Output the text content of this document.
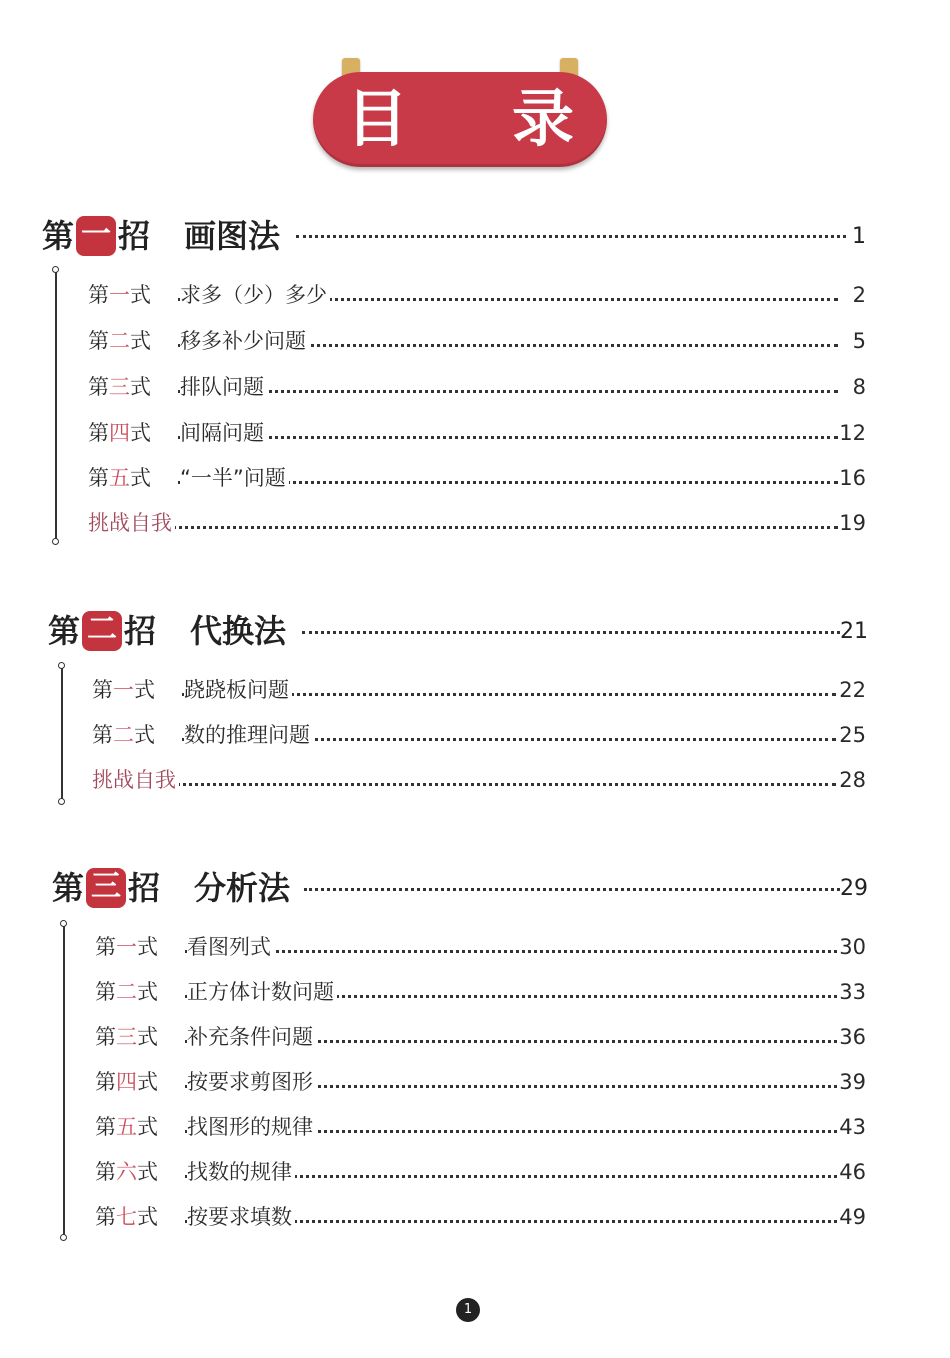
目 录
第 一 招 画图法	1
第一式 求多（少）多少	2
第二式 移多补少问题	5
第三式 排队问题	8
第四式 间隔问题	12
第五式 “一半”问题	16
挑战自我	19
第 二 招 代换法	21
第一式 跷跷板问题	22
第二式 数的推理问题	25
挑战自我	28
第 三 招 分析法	29
第一式 看图列式	30
第二式 正方体计数问题	33
第三式 补充条件问题	36
第四式 按要求剪图形	39
第五式 找图形的规律	43
第六式 找数的规律	46
第七式 按要求填数	49
1
